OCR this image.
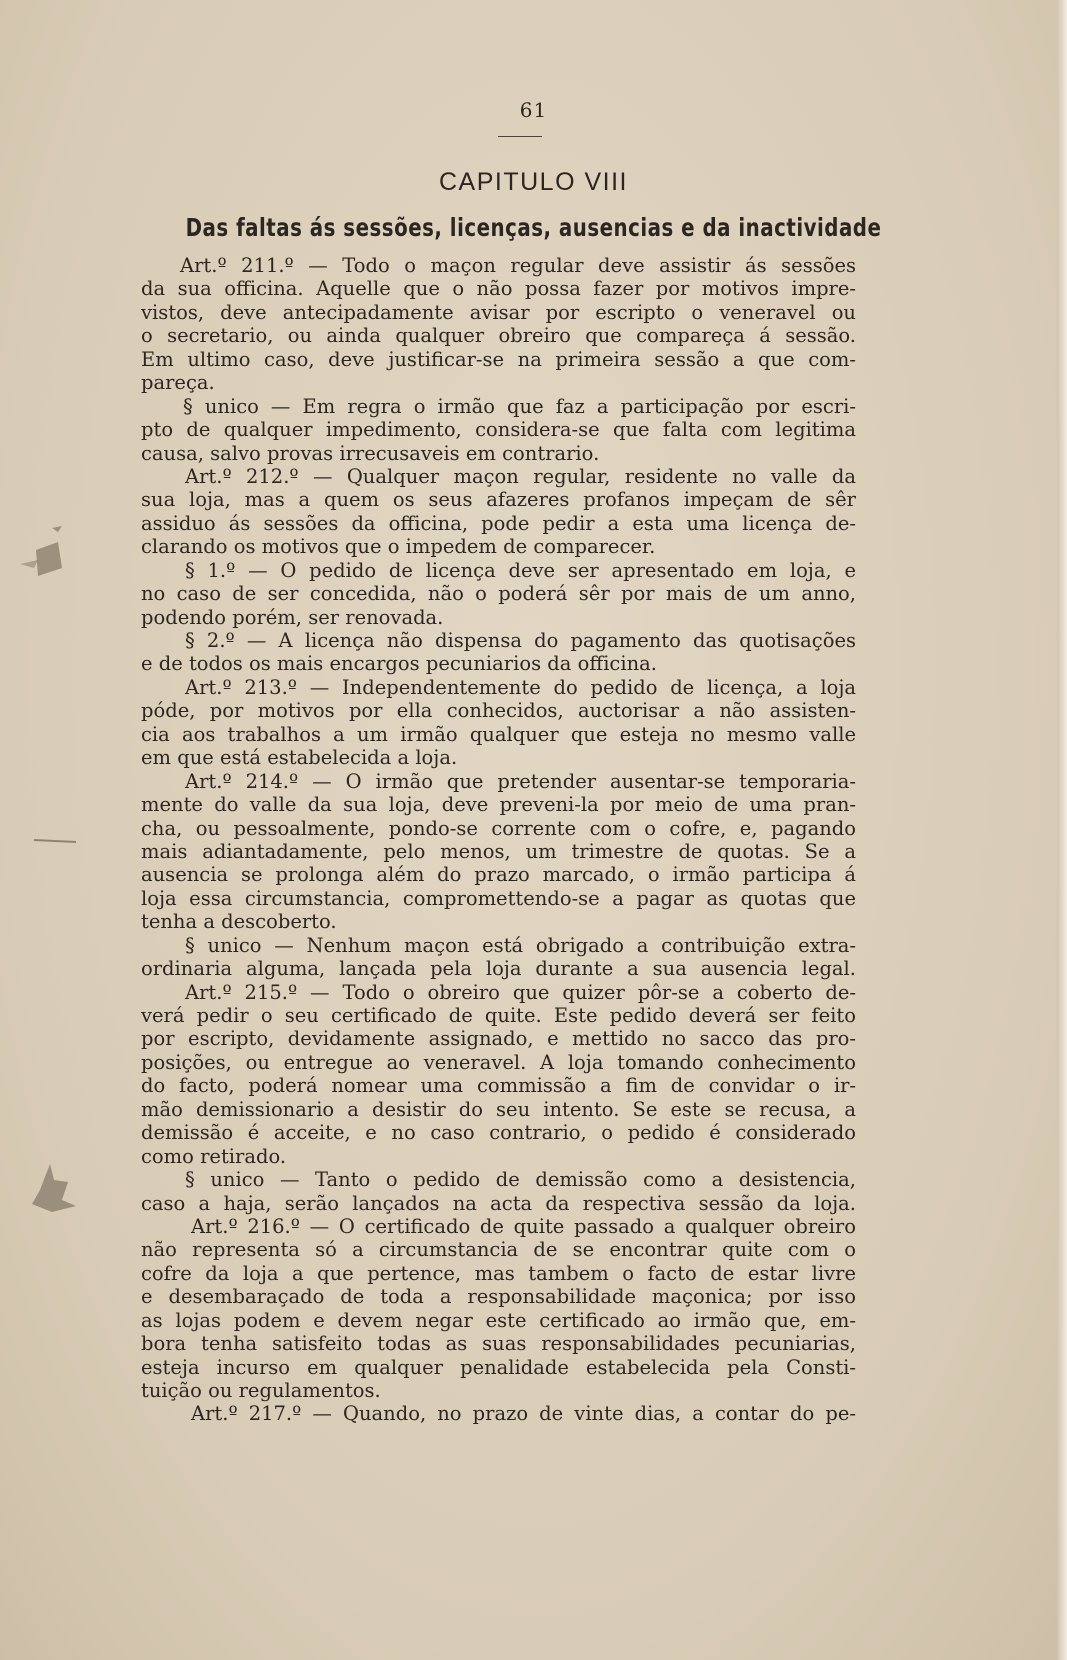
61
CAPITULO VIII
Das faltas ás sessões, licenças, ausencias e da inactividade
Art.º 211.º — Todo o maçon regular deve assistir ás sessões
da sua officina. Aquelle que o não possa fazer por motivos impre-
vistos, deve antecipadamente avisar por escripto o veneravel ou
o secretario, ou ainda qualquer obreiro que compareça á sessão.
Em ultimo caso, deve justificar-se na primeira sessão a que com-
pareça.
§ unico — Em regra o irmão que faz a participação por escri-
pto de qualquer impedimento, considera-se que falta com legitima
causa, salvo provas irrecusaveis em contrario.
Art.º 212.º — Qualquer maçon regular, residente no valle da
sua loja, mas a quem os seus afazeres profanos impeçam de sêr
assiduo ás sessões da officina, pode pedir a esta uma licença de-
clarando os motivos que o impedem de comparecer.
§ 1.º — O pedido de licença deve ser apresentado em loja, e
no caso de ser concedida, não o poderá sêr por mais de um anno,
podendo porém, ser renovada.
§ 2.º — A licença não dispensa do pagamento das quotisações
e de todos os mais encargos pecuniarios da officina.
Art.º 213.º — Independentemente do pedido de licença, a loja
póde, por motivos por ella conhecidos, auctorisar a não assisten-
cia aos trabalhos a um irmão qualquer que esteja no mesmo valle
em que está estabelecida a loja.
Art.º 214.º — O irmão que pretender ausentar-se temporaria-
mente do valle da sua loja, deve preveni-la por meio de uma pran-
cha, ou pessoalmente, pondo-se corrente com o cofre, e, pagando
mais adiantadamente, pelo menos, um trimestre de quotas. Se a
ausencia se prolonga além do prazo marcado, o irmão participa á
loja essa circumstancia, compromettendo-se a pagar as quotas que
tenha a descoberto.
§ unico — Nenhum maçon está obrigado a contribuição extra-
ordinaria alguma, lançada pela loja durante a sua ausencia legal.
Art.º 215.º — Todo o obreiro que quizer pôr-se a coberto de-
verá pedir o seu certificado de quite. Este pedido deverá ser feito
por escripto, devidamente assignado, e mettido no sacco das pro-
posições, ou entregue ao veneravel. A loja tomando conhecimento
do facto, poderá nomear uma commissão a fim de convidar o ir-
mão demissionario a desistir do seu intento. Se este se recusa, a
demissão é acceite, e no caso contrario, o pedido é considerado
como retirado.
§ unico — Tanto o pedido de demissão como a desistencia,
caso a haja, serão lançados na acta da respectiva sessão da loja.
Art.º 216.º — O certificado de quite passado a qualquer obreiro
não representa só a circumstancia de se encontrar quite com o
cofre da loja a que pertence, mas tambem o facto de estar livre
e desembaraçado de toda a responsabilidade maçonica; por isso
as lojas podem e devem negar este certificado ao irmão que, em-
bora tenha satisfeito todas as suas responsabilidades pecuniarias,
esteja incurso em qualquer penalidade estabelecida pela Consti-
tuição ou regulamentos.
Art.º 217.º — Quando, no prazo de vinte dias, a contar do pe-
